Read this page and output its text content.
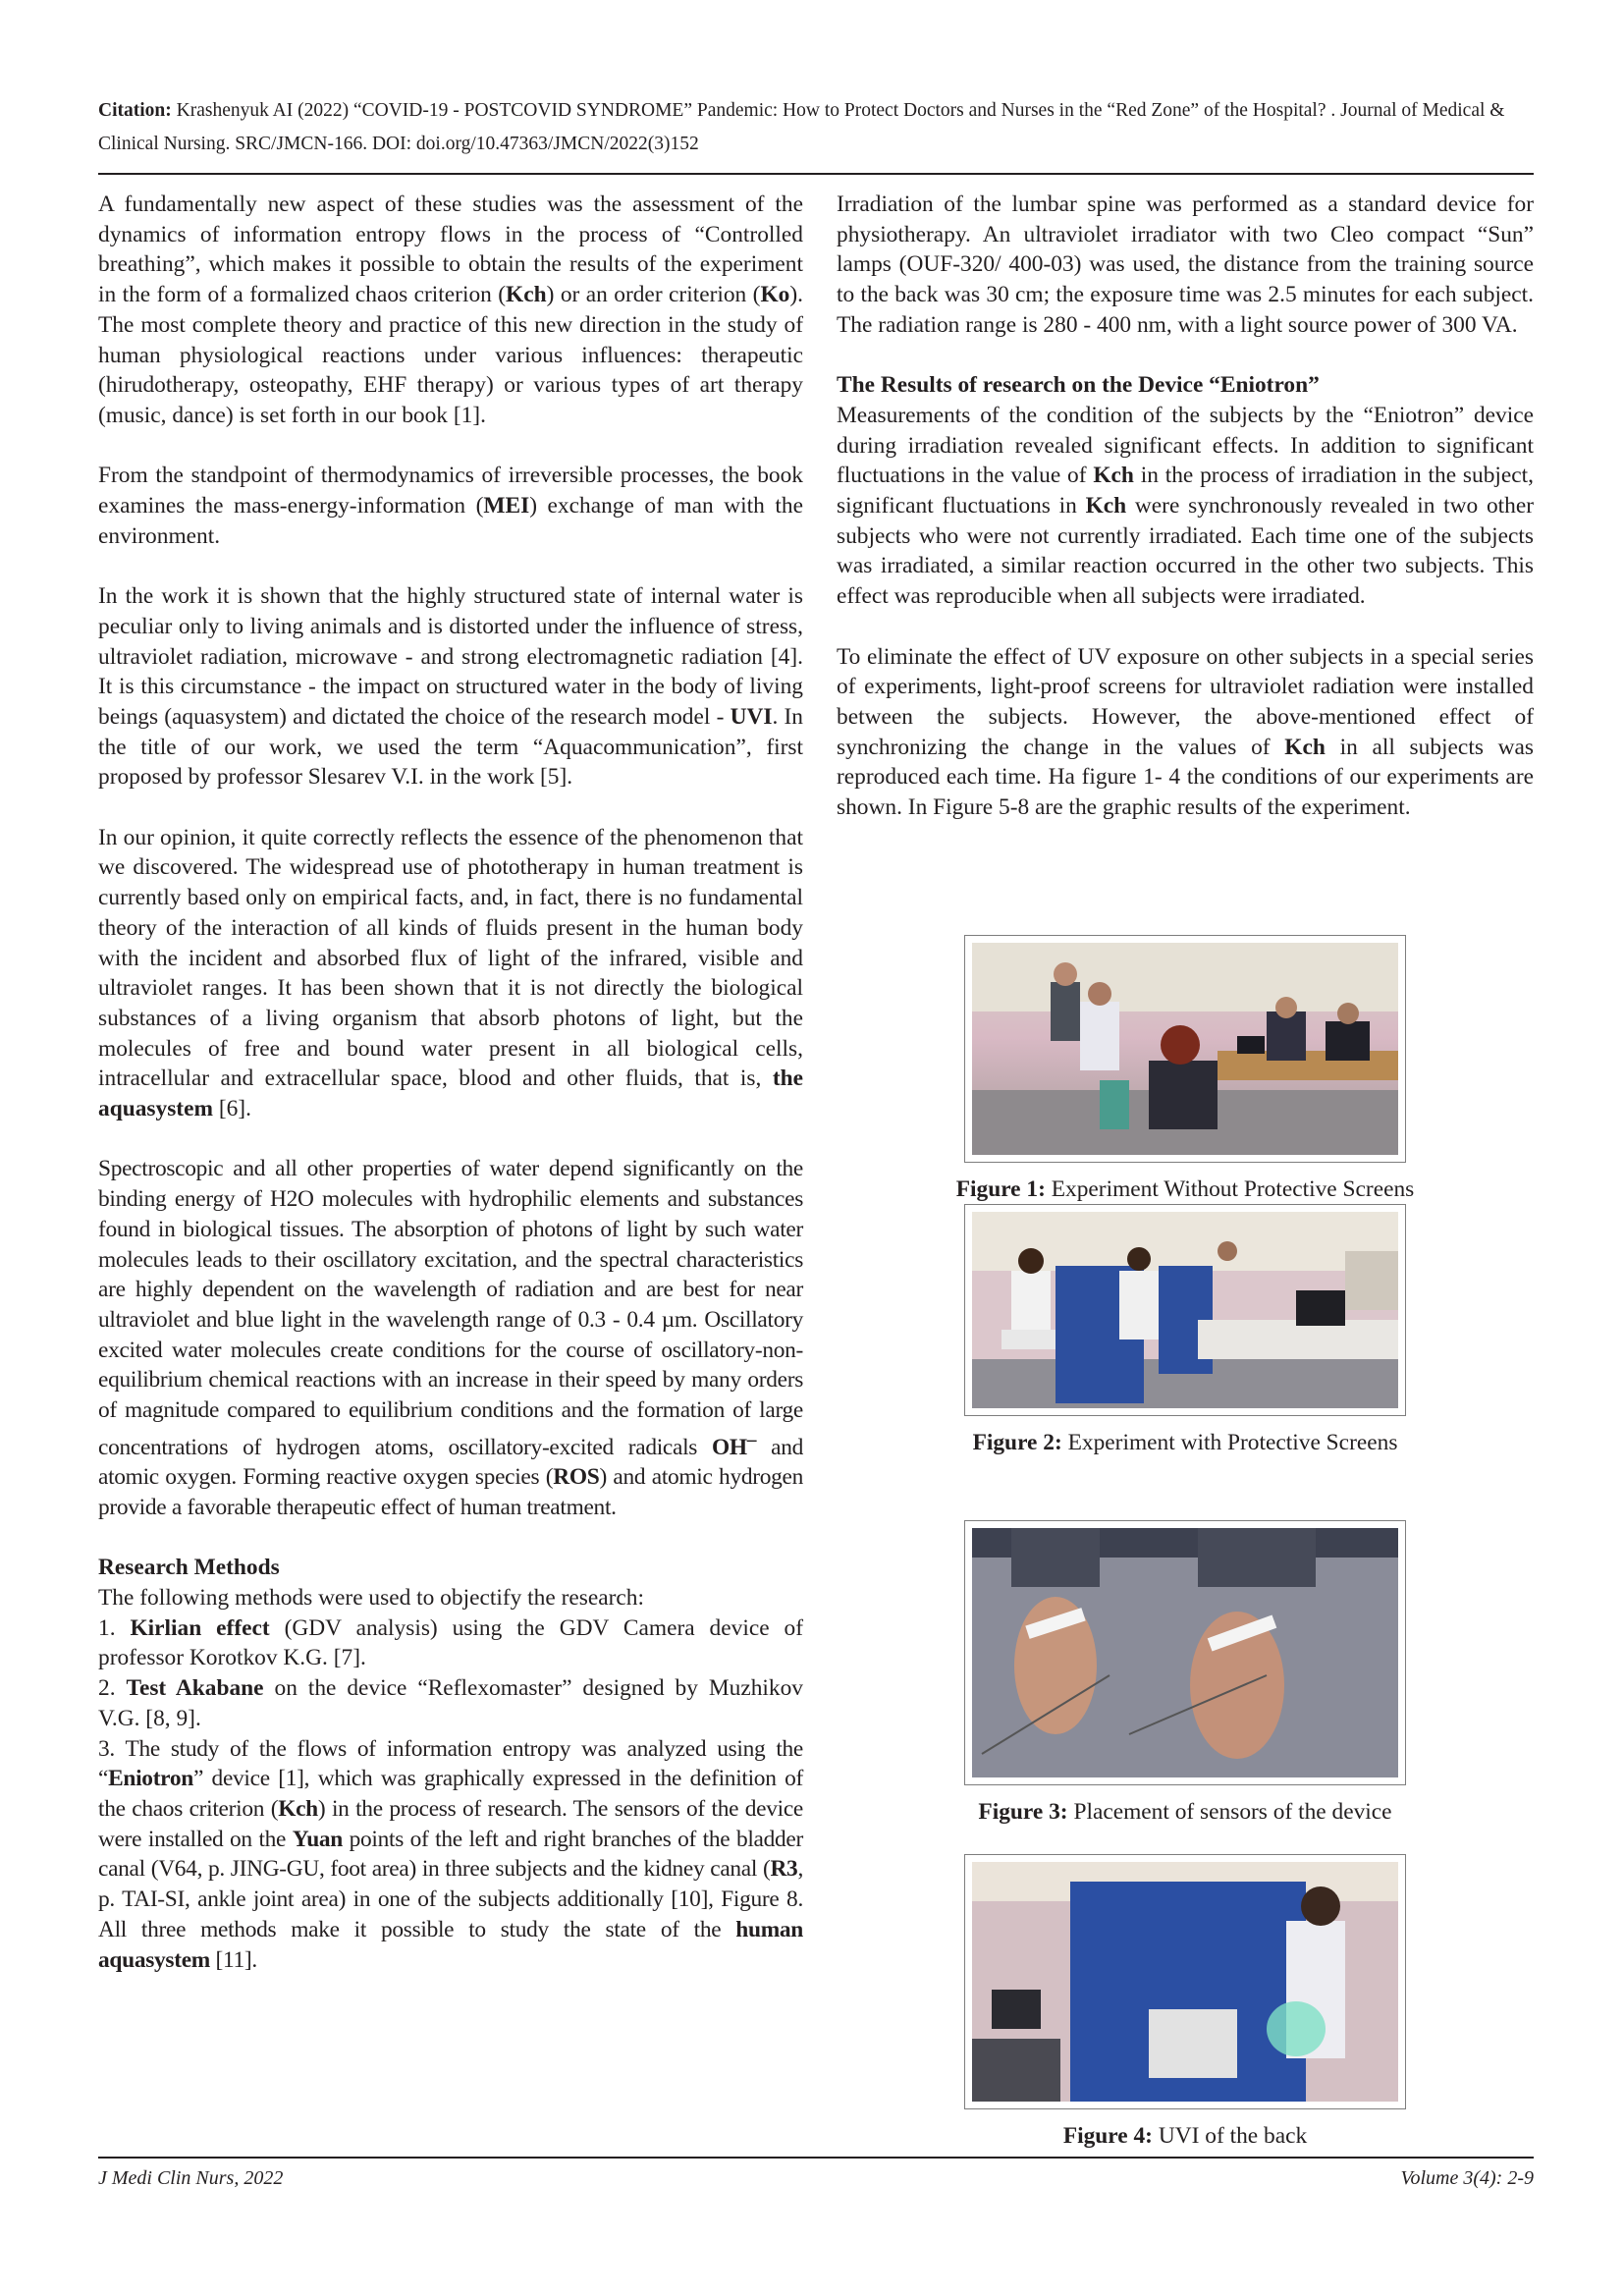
Citation: Krashenyuk AI (2022) “COVID-19 - POSTCOVID SYNDROME” Pandemic: How to Protect Doctors and Nurses in the “Red Zone” of the Hospital? . Journal of Medical & Clinical Nursing. SRC/JMCN-166. DOI: doi.org/10.47363/JMCN/2022(3)152

A fundamentally new aspect of these studies was the assessment of the dynamics of information entropy flows in the process of “Controlled breathing”, which makes it possible to obtain the results of the experiment in the form of a formalized chaos criterion (Kch) or an order criterion (Ko). The most complete theory and practice of this new direction in the study of human physiological reactions under various influences: therapeutic (hirudotherapy, osteopathy, EHF therapy) or various types of art therapy (music, dance) is set forth in our book [1].

From the standpoint of thermodynamics of irreversible processes, the book examines the mass-energy-information (MEI) exchange of man with the environment.

In the work it is shown that the highly structured state of internal water is peculiar only to living animals and is distorted under the influence of stress, ultraviolet radiation, microwave - and strong electromagnetic radiation [4]. It is this circumstance - the impact on structured water in the body of living beings (aquasystem) and dictated the choice of the research model - UVI. In the title of our work, we used the term “Aquacommunication”, first proposed by professor Slesarev V.I. in the work [5].

In our opinion, it quite correctly reflects the essence of the phenomenon that we discovered. The widespread use of phototherapy in human treatment is currently based only on empirical facts, and, in fact, there is no fundamental theory of the interaction of all kinds of fluids present in the human body with the incident and absorbed flux of light of the infrared, visible and ultraviolet ranges. It has been shown that it is not directly the biological substances of a living organism that absorb photons of light, but the molecules of free and bound water present in all biological cells, intracellular and extracellular space, blood and other fluids, that is, the aquasystem [6].

Spectroscopic and all other properties of water depend significantly on the binding energy of H2O molecules with hydrophilic elements and substances found in biological tissues. The absorption of photons of light by such water molecules leads to their oscillatory excitation, and the spectral characteristics are highly dependent on the wavelength of radiation and are best for near ultraviolet and blue light in the wavelength range of 0.3 - 0.4 µm. Oscillatory excited water molecules create conditions for the course of oscillatory-non-equilibrium chemical reactions with an increase in their speed by many orders of magnitude compared to equilibrium conditions and the formation of large concentrations of hydrogen atoms, oscillatory-excited radicals OH– and atomic oxygen. Forming reactive oxygen species (ROS) and atomic hydrogen provide a favorable therapeutic effect of human treatment.

Research Methods

The following methods were used to objectify the research:

1. Kirlian effect (GDV analysis) using the GDV Camera device of professor Korotkov K.G. [7].

2. Test Akabane on the device “Reflexomaster” designed by Muzhikov V.G. [8, 9].

3. The study of the flows of information entropy was analyzed using the “Eniotron” device [1], which was graphically expressed in the definition of the chaos criterion (Kch) in the process of research. The sensors of the device were installed on the Yuan points of the left and right branches of the bladder canal (V64, p. JING-GU, foot area) in three subjects and the kidney canal (R3, p. TAI-SI, ankle joint area) in one of the subjects additionally [10], Figure 8. All three methods make it possible to study the state of the human aquasystem [11].

Irradiation of the lumbar spine was performed as a standard device for physiotherapy. An ultraviolet irradiator with two Cleo compact “Sun” lamps (OUF-320/ 400-03) was used, the distance from the training source to the back was 30 cm; the exposure time was 2.5 minutes for each subject. The radiation range is 280 - 400 nm, with a light source power of 300 VA.

The Results of research on the Device “Eniotron”

Measurements of the condition of the subjects by the “Eniotron” device during irradiation revealed significant effects. In addition to significant fluctuations in the value of Kch in the process of irradiation in the subject, significant fluctuations in Kch were synchronously revealed in two other subjects who were not currently irradiated. Each time one of the subjects was irradiated, a similar reaction occurred in the other two subjects. This effect was reproducible when all subjects were irradiated.

To eliminate the effect of UV exposure on other subjects in a special series of experiments, light-proof screens for ultraviolet radiation were installed between the subjects. However, the above-mentioned effect of synchronizing the change in the values of Kch in all subjects was reproduced each time. Ha figure 1- 4 the conditions of our experiments are shown. In Figure 5-8 are the graphic results of the experiment.

Figure 1: Experiment Without Protective Screens
Figure 2: Experiment with Protective Screens
Figure 3: Placement of sensors of the device
Figure 4: UVI of the back
J Medi Clin Nurs, 2022	Volume 3(4): 2-9
